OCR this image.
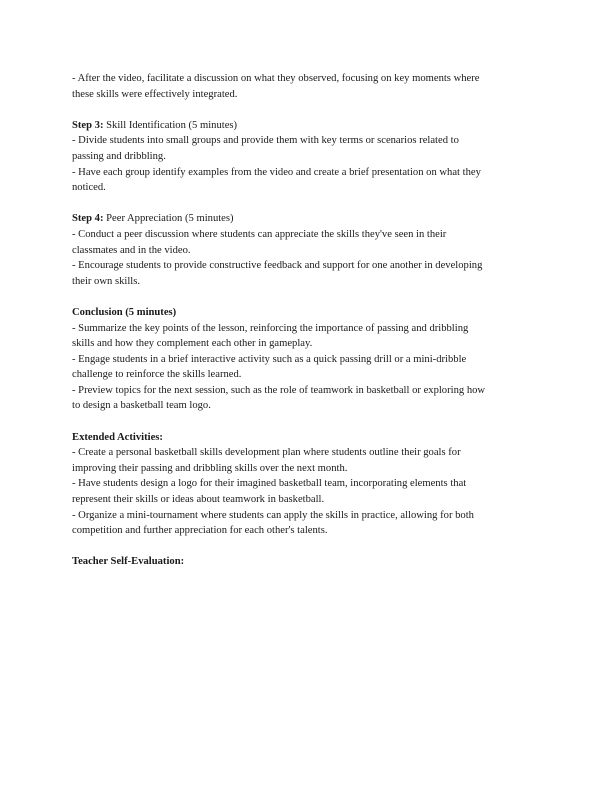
- After the video, facilitate a discussion on what they observed, focusing on key moments where
these skills were effectively integrated.
Step 3: Skill Identification (5 minutes)
- Divide students into small groups and provide them with key terms or scenarios related to
passing and dribbling.
- Have each group identify examples from the video and create a brief presentation on what they
noticed.
Step 4: Peer Appreciation (5 minutes)
- Conduct a peer discussion where students can appreciate the skills they've seen in their
classmates and in the video.
- Encourage students to provide constructive feedback and support for one another in developing
their own skills.
Conclusion (5 minutes)
- Summarize the key points of the lesson, reinforcing the importance of passing and dribbling
skills and how they complement each other in gameplay.
- Engage students in a brief interactive activity such as a quick passing drill or a mini-dribble
challenge to reinforce the skills learned.
- Preview topics for the next session, such as the role of teamwork in basketball or exploring how
to design a basketball team logo.
Extended Activities:
- Create a personal basketball skills development plan where students outline their goals for
improving their passing and dribbling skills over the next month.
- Have students design a logo for their imagined basketball team, incorporating elements that
represent their skills or ideas about teamwork in basketball.
- Organize a mini-tournament where students can apply the skills in practice, allowing for both
competition and further appreciation for each other's talents.
Teacher Self-Evaluation:
